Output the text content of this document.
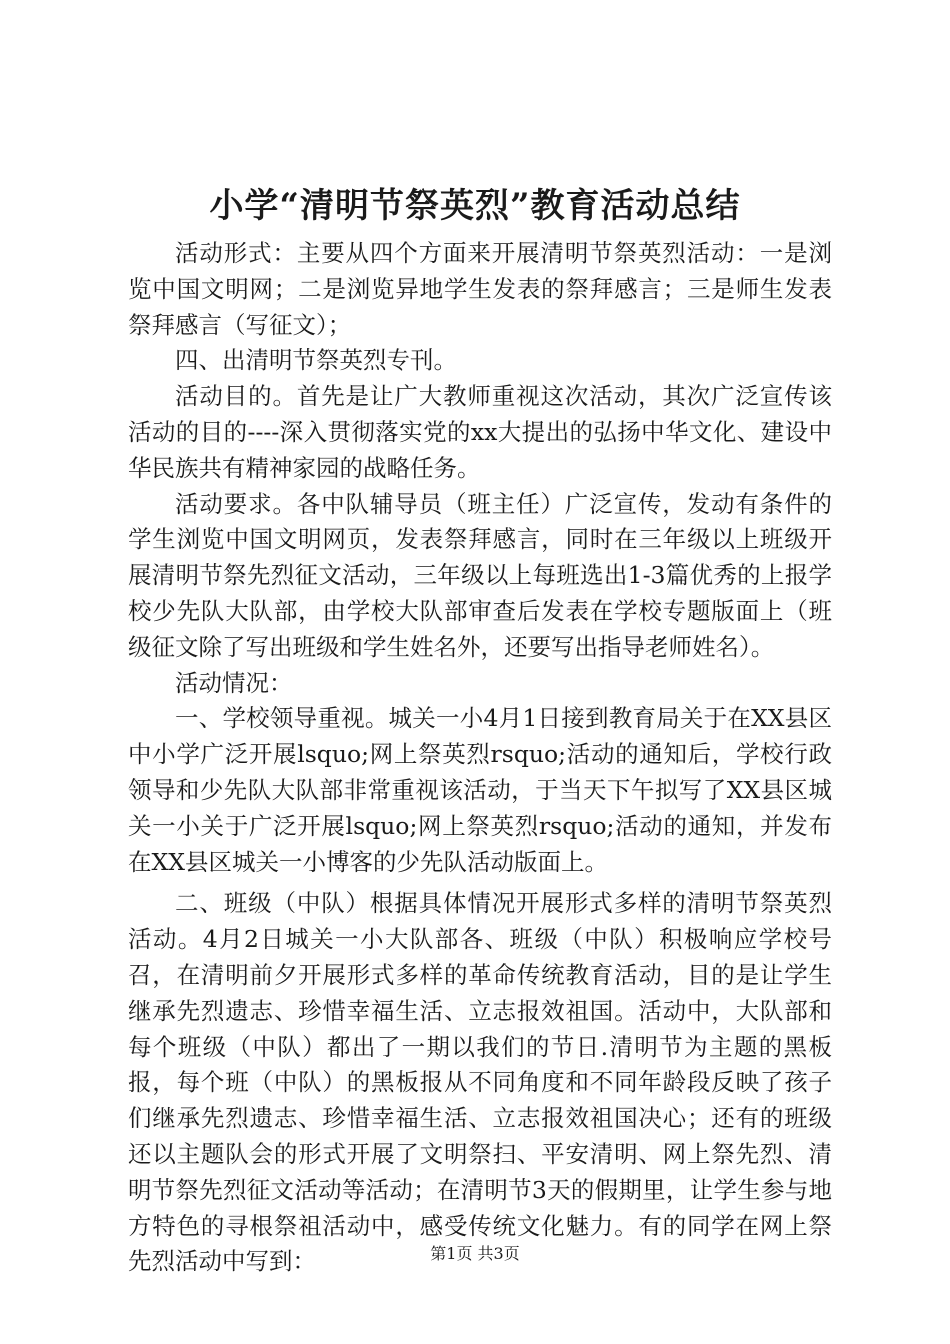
小学“清明节祭英烈”教育活动总结

活动形式：主要从四个方面来开展清明节祭英烈活动：一是浏览中国文明网；二是浏览异地学生发表的祭拜感言；三是师生发表祭拜感言（写征文）；

四、出清明节祭英烈专刊。

活动目的。首先是让广大教师重视这次活动，其次广泛宣传该活动的目的----深入贯彻落实党的xx大提出的弘扬中华文化、建设中华民族共有精神家园的战略任务。

活动要求。各中队辅导员（班主任）广泛宣传，发动有条件的学生浏览中国文明网页，发表祭拜感言，同时在三年级以上班级开展清明节祭先烈征文活动，三年级以上每班选出1-3篇优秀的上报学校少先队大队部，由学校大队部审查后发表在学校专题版面上（班级征文除了写出班级和学生姓名外，还要写出指导老师姓名）。

活动情况：

一、学校领导重视。城关一小4月1日接到教育局关于在XX县区中小学广泛开展lsquo;网上祭英烈rsquo;活动的通知后，学校行政领导和少先队大队部非常重视该活动，于当天下午拟写了XX县区城关一小关于广泛开展lsquo;网上祭英烈rsquo;活动的通知，并发布在XX县区城关一小博客的少先队活动版面上。

二、班级（中队）根据具体情况开展形式多样的清明节祭英烈活动。4月2日城关一小大队部各、班级（中队）积极响应学校号召，在清明前夕开展形式多样的革命传统教育活动，目的是让学生继承先烈遗志、珍惜幸福生活、立志报效祖国。活动中，大队部和每个班级（中队）都出了一期以我们的节日.清明节为主题的黑板报，每个班（中队）的黑板报从不同角度和不同年龄段反映了孩子们继承先烈遗志、珍惜幸福生活、立志报效祖国决心；还有的班级还以主题队会的形式开展了文明祭扫、平安清明、网上祭先烈、清明节祭先烈征文活动等活动；在清明节3天的假期里，让学生参与地方特色的寻根祭祖活动中，感受传统文化魅力。有的同学在网上祭先烈活动中写到：	第1页 共3页
